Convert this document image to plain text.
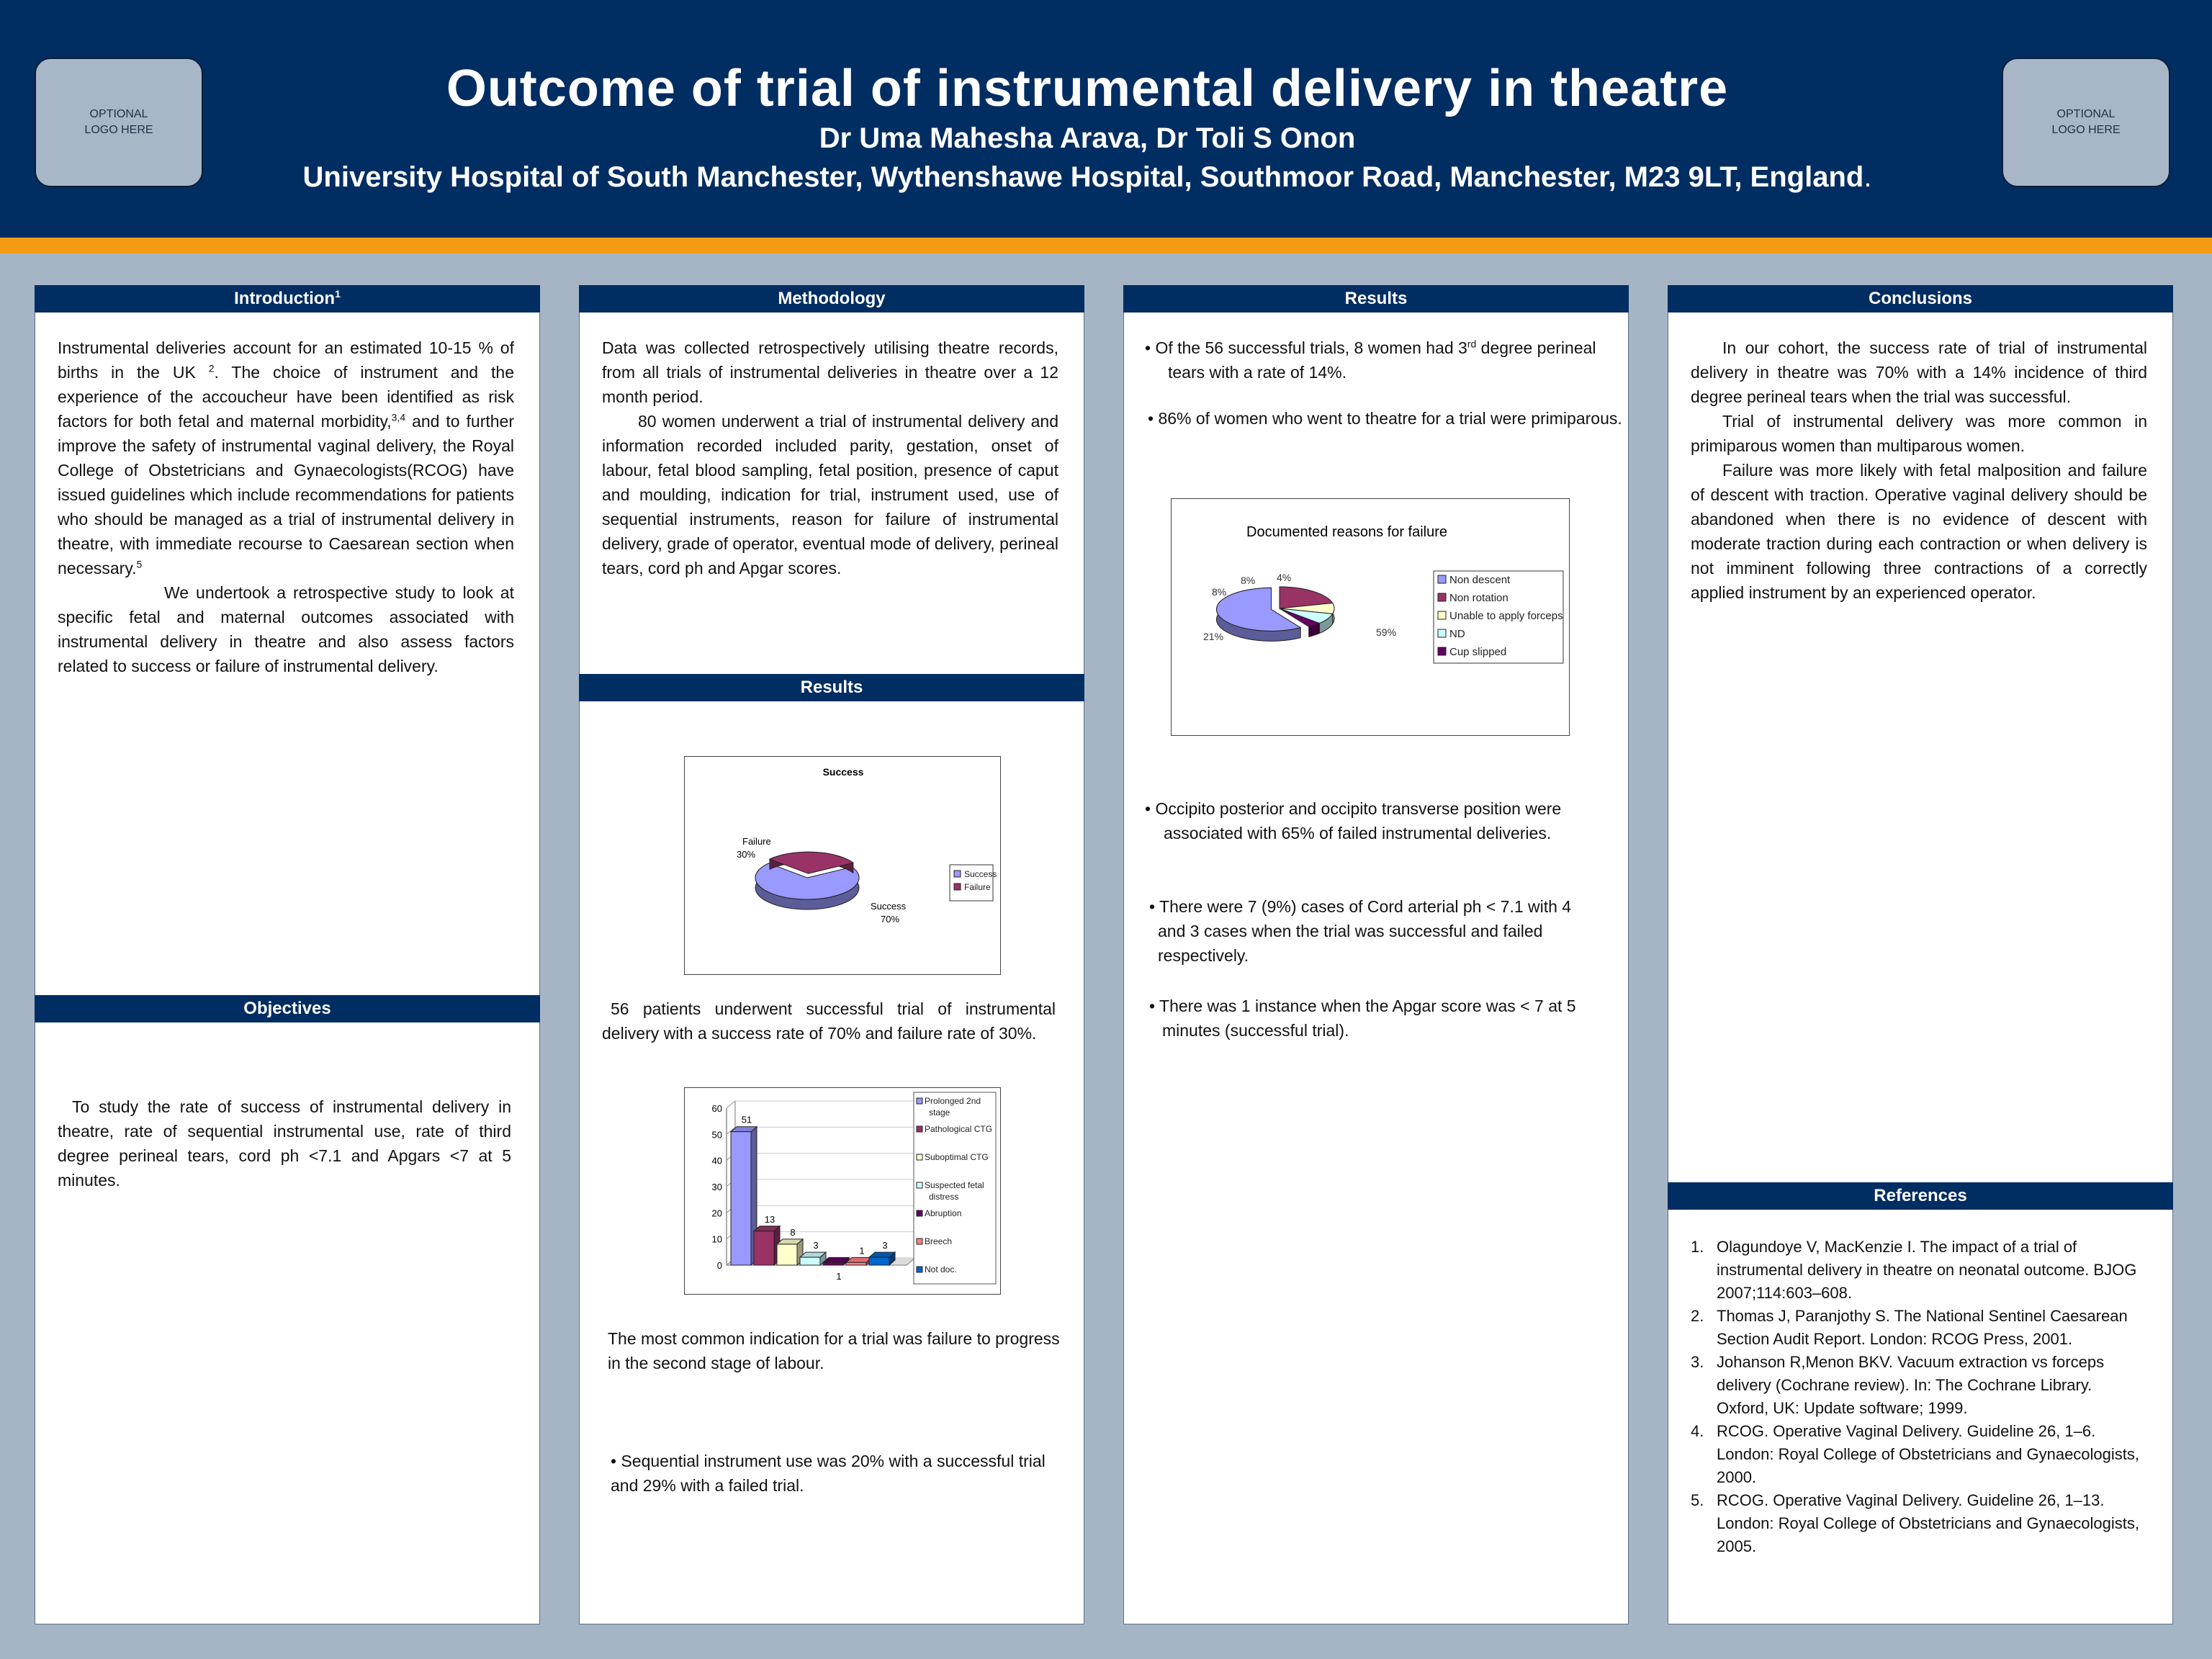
OPTIONAL LOGO HERE
OPTIONAL LOGO HERE
Outcome of trial of instrumental delivery in theatre
Dr Uma Mahesha Arava, Dr Toli S Onon
University Hospital of South Manchester, Wythenshawe Hospital, Southmoor Road, Manchester, M23 9LT, England.
Introduction$^1$

Instrumental deliveries account for an estimated 10-15 % of births in the UK $^2$. The choice of instrument and the experience of the accoucheur have been identified as risk factors for both fetal and maternal morbidity,$^{3,4}$ and to further improve the safety of instrumental vaginal delivery, the Royal College of Obstetricians and Gynaecologists(RCOG) have issued guidelines which include recommendations for patients who should be managed as a trial of instrumental delivery in theatre, with immediate recourse to Caesarean section when necessary.$^5$
We undertook a retrospective study to look at specific fetal and maternal outcomes associated with instrumental delivery in theatre and also assess factors related to success or failure of instrumental delivery.

Objectives

To study the rate of success of instrumental delivery in theatre, rate of sequential instrumental use, rate of third degree perineal tears, cord ph <7.1 and Apgars <7 at 5 minutes.

Methodology

Data was collected retrospectively utilising theatre records, from all trials of instrumental deliveries in theatre over a 12 month period.
80 women underwent a trial of instrumental delivery and information recorded included parity, gestation, onset of labour, fetal blood sampling, fetal position, presence of caput and moulding, indication for trial, instrument used, use of sequential instruments, reason for failure of instrumental delivery, grade of operator, eventual mode of delivery, perineal tears, cord ph and Apgar scores.

Results
Success
Failure
30%
Success
70%
Success
Failure

56 patients underwent successful trial of instrumental delivery with a success rate of 70% and failure rate of 30%.

0
10
20
30
40
50
60
51
13
8
3
1
1 3
Prolonged 2nd
stage
Pathological CTG
Suboptimal CTG
Suspected fetal
distress
Abruption
Breech
Not doc.

The most common indication for a trial was failure to progress in the second stage of labour.

• Sequential instrument use was 20% with a successful trial and 29% with a failed trial.

Results
• Of the 56 successful trials, 8 women had 3rd degree perineal
tears with a rate of 14%.
• 86% of women who went to theatre for a trial were primiparous.
Documented reasons for failure
8%
8% 4%
21%	59%
Non descent
Non rotation
Unable to apply forceps
ND
Cup slipped
• Occipito posterior and occipito transverse position were
associated with 65% of failed instrumental deliveries.
• There were 7 (9%) cases of Cord arterial ph < 7.1 with 4
and 3 cases when the trial was successful and failed
respectively.
• There was 1 instance when the Apgar score was < 7 at 5
minutes (successful trial).
Conclusions

In our cohort, the success rate of trial of instrumental delivery in theatre was 70% with a 14% incidence of third degree perineal tears when the trial was successful.
Trial of instrumental delivery was more common in primiparous women than multiparous women.
Failure was more likely with fetal malposition and failure of descent with traction. Operative vaginal delivery should be abandoned when there is no evidence of descent with moderate traction during each contraction or when delivery is not imminent following three contractions of a correctly applied instrument by an experienced operator.

References
1. Olagundoye V, MacKenzie I. The impact of a trial of instrumental delivery in theatre on neonatal outcome. BJOG 2007;114:603–608.
2. Thomas J, Paranjothy S. The National Sentinel Caesarean Section Audit Report. London: RCOG Press, 2001.
3. Johanson R,Menon BKV. Vacuum extraction vs forceps delivery (Cochrane review). In: The Cochrane Library. Oxford, UK: Update software; 1999.
4. RCOG. Operative Vaginal Delivery. Guideline 26, 1–6. London: Royal College of Obstetricians and Gynaecologists, 2000.
5. RCOG. Operative Vaginal Delivery. Guideline 26, 1–13. London: Royal College of Obstetricians and Gynaecologists, 2005.
